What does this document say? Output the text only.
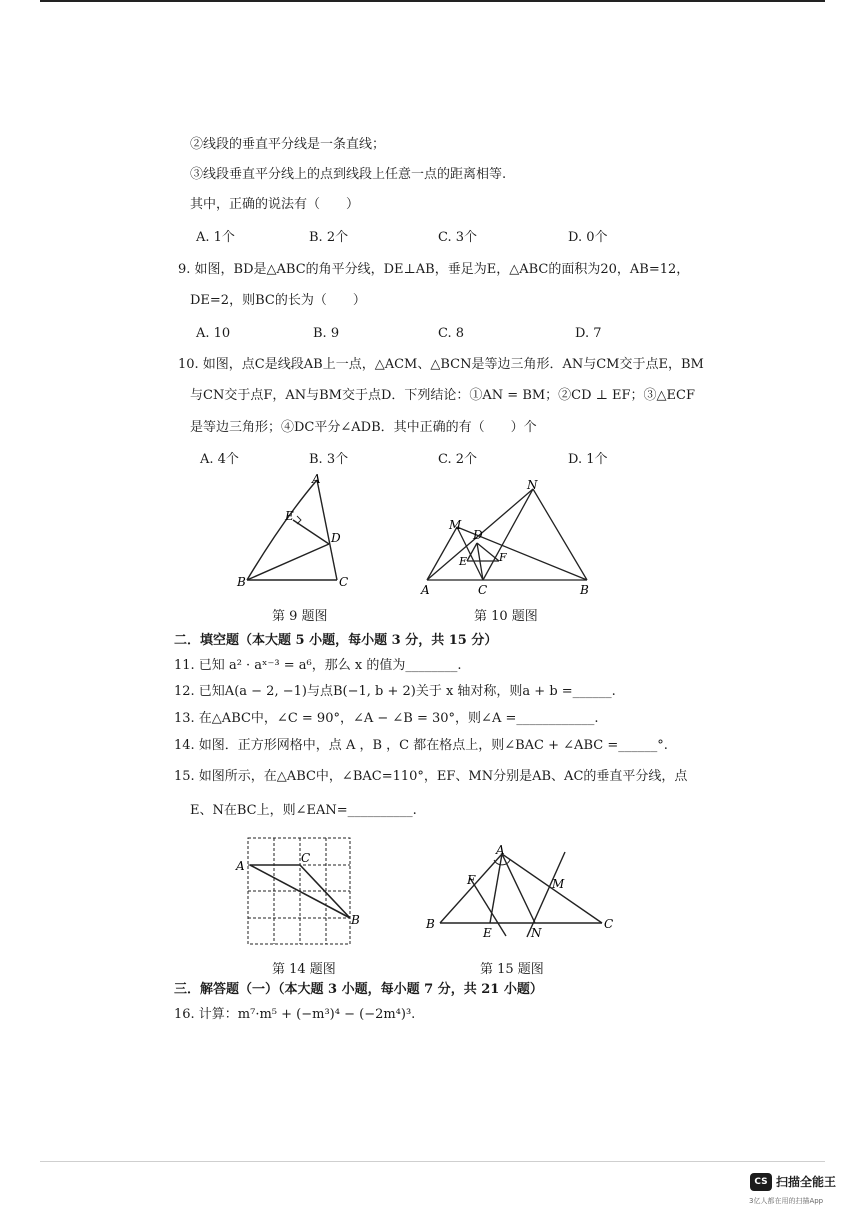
②线段的垂直平分线是一条直线；
③线段垂直平分线上的点到线段上任意一点的距离相等.
其中，正确的说法有（　　）
A. 1个	B. 2个	C. 3个	D. 0个
9. 如图，BD是△ABC的角平分线，DE⊥AB，垂足为E，△ABC的面积为20，AB=12，
DE=2，则BC的长为（　　）
A. 10	B. 9	C. 8	D. 7
10. 如图，点C是线段AB上一点，△ACM、△BCN是等边三角形．AN与CM交于点E，BM
与CN交于点F，AN与BM交于点D．下列结论：①AN = BM；②CD ⊥ EF；③△ECF
是等边三角形；④DC平分∠ADB．其中正确的有（　　）个
A. 4个	B. 3个	C. 2个	D. 1个
A
E
D
B	C
N
M
D
E	F
A	C	B
第 9 题图	第 10 题图
二．填空题（本大题 5 小题，每小题 3 分，共 15 分）
11. 已知 a² · aˣ⁻³ = a⁶，那么 x 的值为________.
12. 已知A(a − 2, −1)与点B(−1, b + 2)关于 x 轴对称，则a + b =______.
13. 在△ABC中，∠C = 90°，∠A − ∠B = 30°，则∠A =____________.
14. 如图．正方形网格中，点 A ，B ，C 都在格点上，则∠BAC + ∠ABC =______°.
15. 如图所示，在△ABC中，∠BAC=110°，EF、MN分别是AB、AC的垂直平分线，点
E、N在BC上，则∠EAN=__________.
A
C
B
A
F	M
B
E	N
C
第 14 题图	第 15 题图
三．解答题（一）（本大题 3 小题，每小题 7 分，共 21 小题）
16. 计算：m⁷·m⁵ + (−m³)⁴ − (−2m⁴)³.
CS 扫描全能王
3亿人都在用的扫描App
